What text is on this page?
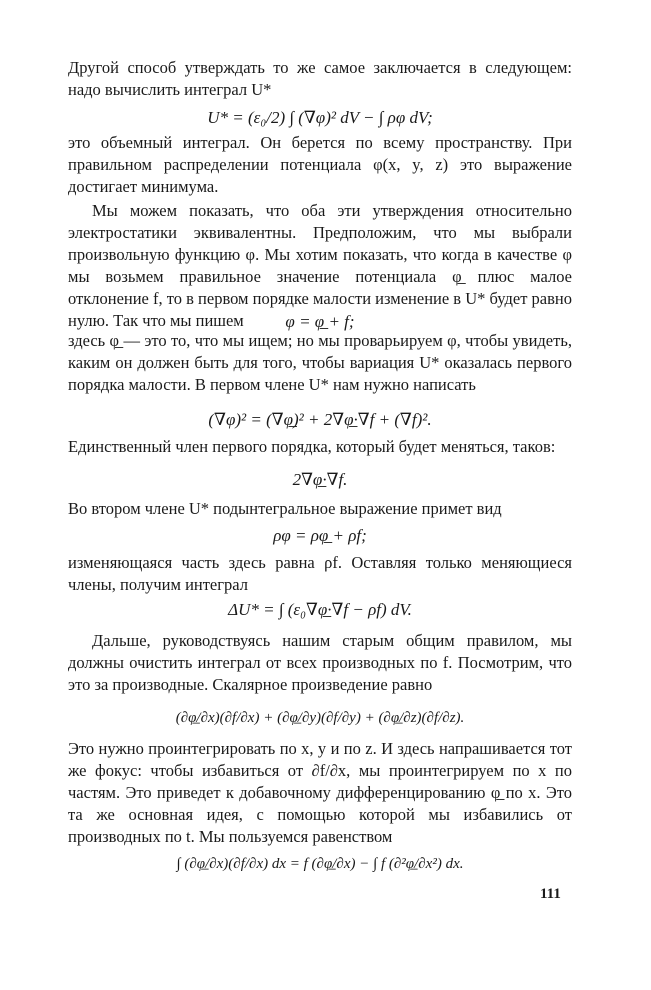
Другой способ утверждать то же самое заключается в следующем: надо вычислить интеграл U*

U* = (ε₀/2) ∫ (∇φ)² dV − ∫ ρφ dV;

это объемный интеграл. Он берется по всему пространству. При правильном распределении потенциала φ(x, y, z) это выражение достигает минимума.

Мы можем показать, что оба эти утверждения относительно электростатики эквивалентны. Предположим, что мы выбрали произвольную функцию φ. Мы хотим показать, что когда в качестве φ мы возьмем правильное значение потенциала φ̲ плюс малое отклонение f, то в первом порядке малости изменение в U* будет равно нулю. Так что мы пишем	φ = φ̲ + f;

здесь φ̲ — это то, что мы ищем; но мы проварьируем φ, чтобы увидеть, каким он должен быть для того, чтобы вариация U* оказалась первого порядка малости. В первом члене U* нам нужно написать

(∇φ)² = (∇φ̲)² + 2∇φ̲·∇f + (∇f)².

Единственный член первого порядка, который будет меняться, таков:

2∇φ̲·∇f.

Во втором члене U* подынтегральное выражение примет вид

ρφ = ρφ̲ + ρf;

изменяющаяся часть здесь равна ρf. Оставляя только меняющиеся члены, получим интеграл

ΔU* = ∫ (ε₀∇φ̲·∇f − ρf) dV.

Дальше, руководствуясь нашим старым общим правилом, мы должны очистить интеграл от всех производных по f. Посмотрим, что это за производные. Скалярное произведение равно

(∂φ̲/∂x)(∂f/∂x) + (∂φ̲/∂y)(∂f/∂y) + (∂φ̲/∂z)(∂f/∂z).

Это нужно проинтегрировать по x, y и по z. И здесь напрашивается тот же фокус: чтобы избавиться от ∂f/∂x, мы проинтегрируем по x по частям. Это приведет к добавочному дифференцированию φ̲ по x. Это та же основная идея, с помощью которой мы избавились от производных по t. Мы пользуемся равенством

∫ (∂φ̲/∂x)(∂f/∂x) dx = f (∂φ̲/∂x) − ∫ f (∂²φ̲/∂x²) dx.

111
